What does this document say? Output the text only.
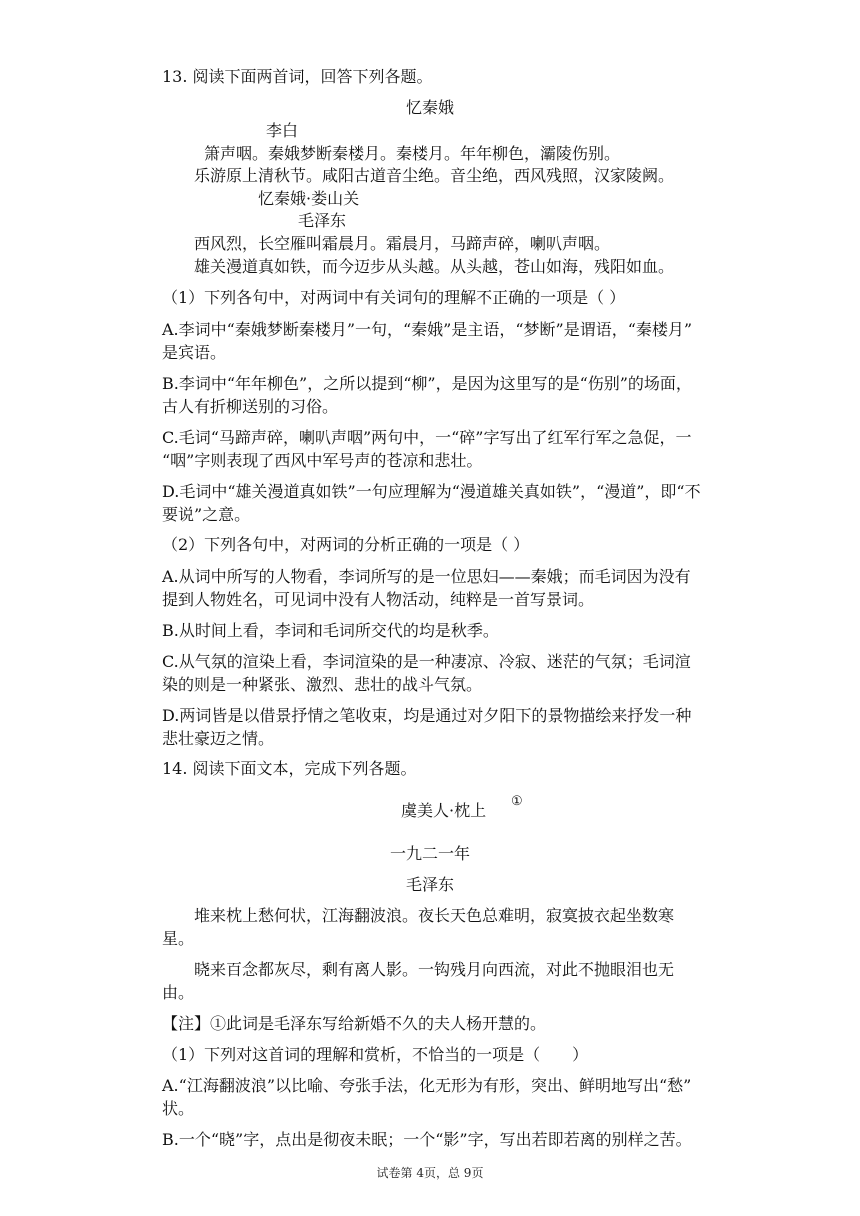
13. 阅读下面两首词，回答下列各题。
忆秦娥
李白
箫声咽。秦娥梦断秦楼月。秦楼月。年年柳色，灞陵伤别。
乐游原上清秋节。咸阳古道音尘绝。音尘绝，西风残照，汉家陵阙。
忆秦娥·娄山关
毛泽东
西风烈，长空雁叫霜晨月。霜晨月，马蹄声碎，喇叭声咽。
雄关漫道真如铁，而今迈步从头越。从头越，苍山如海，残阳如血。
（1）下列各句中，对两词中有关词句的理解不正确的一项是（ ）
A.李词中“秦娥梦断秦楼月”一句，“秦娥”是主语，“梦断”是谓语，“秦楼月”
是宾语。
B.李词中“年年柳色”，之所以提到“柳”，是因为这里写的是“伤别”的场面，
古人有折柳送别的习俗。
C.毛词“马蹄声碎，喇叭声咽”两句中，一“碎”字写出了红军行军之急促，一
“咽”字则表现了西风中军号声的苍凉和悲壮。
D.毛词中“雄关漫道真如铁”一句应理解为“漫道雄关真如铁”，“漫道”，即“不
要说”之意。
（2）下列各句中，对两词的分析正确的一项是（ ）
A.从词中所写的人物看，李词所写的是一位思妇——秦娥；而毛词因为没有
提到人物姓名，可见词中没有人物活动，纯粹是一首写景词。
B.从时间上看，李词和毛词所交代的均是秋季。
C.从气氛的渲染上看，李词渲染的是一种凄凉、冷寂、迷茫的气氛；毛词渲
染的则是一种紧张、激烈、悲壮的战斗气氛。
D.两词皆是以借景抒情之笔收束，均是通过对夕阳下的景物描绘来抒发一种
悲壮豪迈之情。
14. 阅读下面文本，完成下列各题。
虞美人·枕上 ①
一九二一年
毛泽东
堆来枕上愁何状，江海翻波浪。夜长天色总难明，寂寞披衣起坐数寒
星。
晓来百念都灰尽，剩有离人影。一钩残月向西流，对此不抛眼泪也无
由。
【注】①此词是毛泽东写给新婚不久的夫人杨开慧的。
（1）下列对这首词的理解和赏析，不恰当的一项是（　　）
A.“江海翻波浪”以比喻、夸张手法，化无形为有形，突出、鲜明地写出“愁”
状。
B.一个“晓”字，点出是彻夜未眠；一个“影”字，写出若即若离的别样之苦。
试卷第 4页，总 9页
